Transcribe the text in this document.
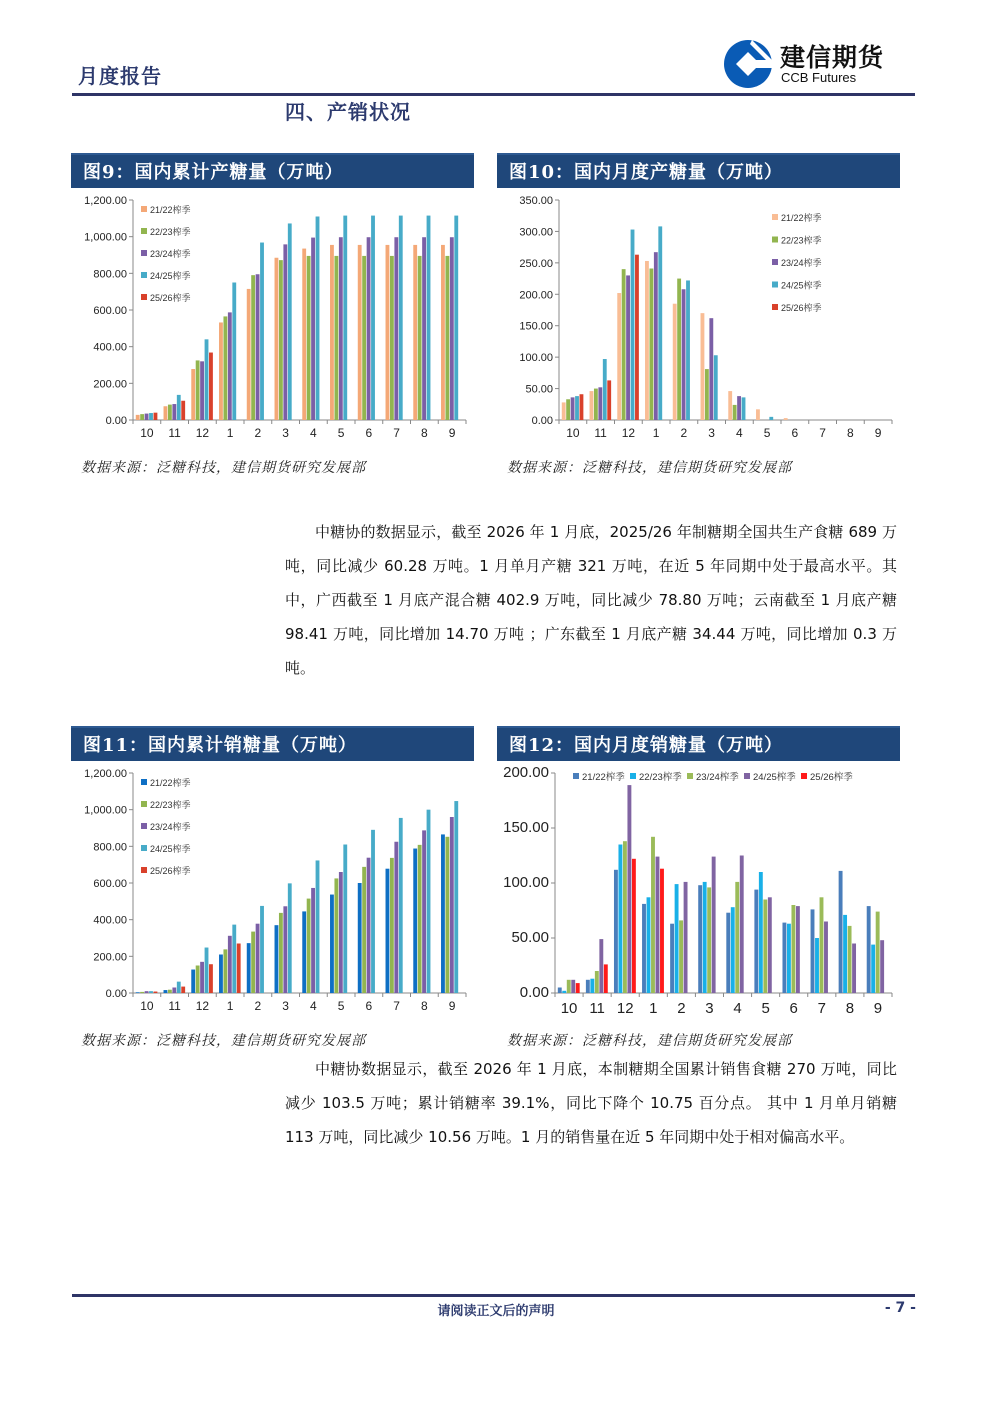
月度报告
建信期货
CCB Futures
四、产销状况
图9：国内累计产糖量（万吨）
0.00
200.00
400.00
600.00
800.00
1,000.00
1,200.00
10 11 12 1 2 3 4 5 6 7 8 9
21/22榨季
22/23榨季
23/24榨季
24/25榨季
25/26榨季
数据来源：泛糖科技，建信期货研究发展部
图10：国内月度产糖量（万吨）
0.00
50.00
100.00
150.00
200.00
250.00
300.00
350.00
10 11 12 1 2 3 4 5 6 7 8 9
21/22榨季
22/23榨季
23/24榨季
24/25榨季
25/26榨季
数据来源：泛糖科技，建信期货研究发展部

中糖协的数据显示，截至 2026 年 1 月底，2025/26 年制糖期全国共生产食糖 689 万吨，同比减少 60.28 万吨。1 月单月产糖 321 万吨，在近 5 年同期中处于最高水平。其中，广西截至 1 月底产混合糖 402.9 万吨，同比减少 78.80 万吨；云南截至 1 月底产糖 98.41 万吨，同比增加 14.70 万吨 ；广东截至 1 月底产糖 34.44 万吨，同比增加 0.3 万吨。

图11：国内累计销糖量（万吨）
0.00
200.00
400.00
600.00
800.00
1,000.00
1,200.00
10 11 12 1 2 3 4 5 6 7 8 9
21/22榨季
22/23榨季
23/24榨季
24/25榨季
25/26榨季
数据来源：泛糖科技，建信期货研究发展部
图12：国内月度销糖量（万吨）
0.00
50.00
100.00
150.00
200.00
10 11 12 1 2 3 4 5 6 7 8 9
21/22榨季 22/23榨季 23/24榨季 24/25榨季 25/26榨季
数据来源：泛糖科技，建信期货研究发展部

中糖协数据显示，截至 2026 年 1 月底，本制糖期全国累计销售食糖 270 万吨，同比减少 103.5 万吨；累计销糖率 39.1%，同比下降个 10.75 百分点。 其中 1 月单月销糖 113 万吨，同比减少 10.56 万吨。1 月的销售量在近 5 年同期中处于相对偏高水平。

请阅读正文后的声明	- 7 -
